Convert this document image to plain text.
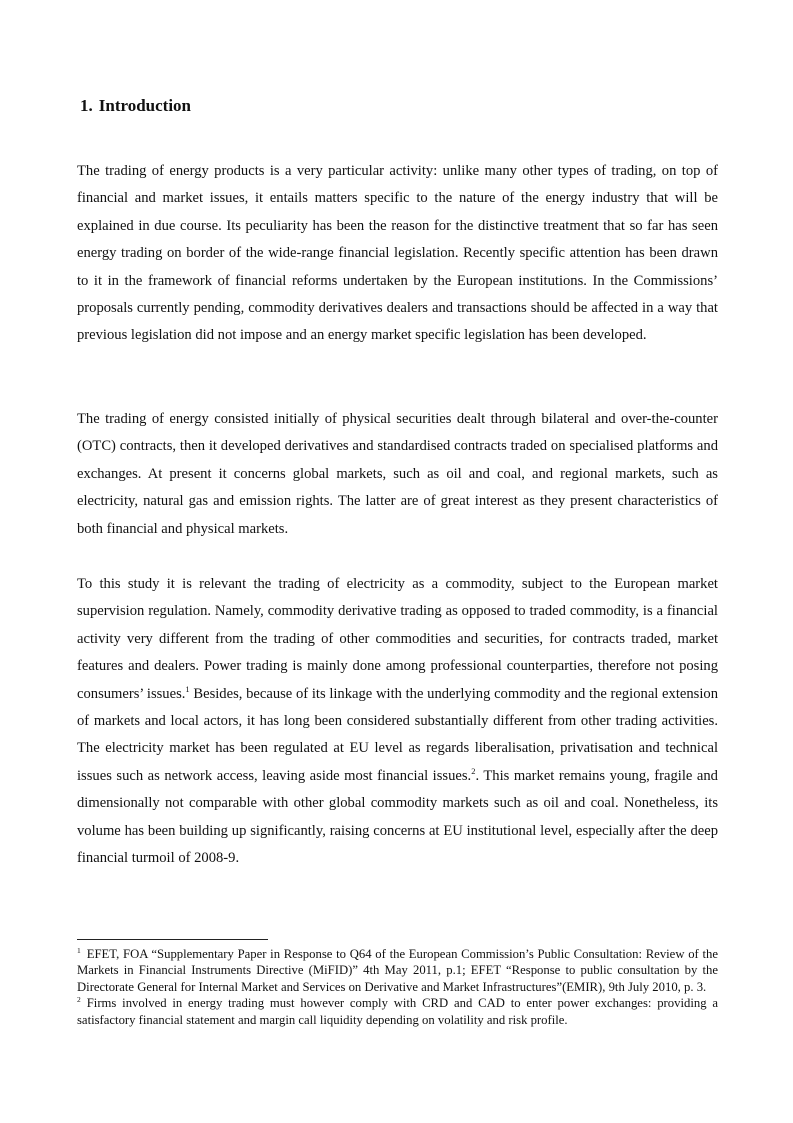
1. Introduction

The trading of energy products is a very particular activity: unlike many other types of trading, on top of financial and market issues, it entails matters specific to the nature of the energy industry that will be explained in due course. Its peculiarity has been the reason for the distinctive treatment that so far has seen energy trading on border of the wide-range financial legislation. Recently specific attention has been drawn to it in the framework of financial reforms undertaken by the European institutions. In the Commissions’ proposals currently pending, commodity derivatives dealers and transactions should be affected in a way that previous legislation did not impose and an energy market specific legislation has been developed.

The trading of energy consisted initially of physical securities dealt through bilateral and over-the-counter (OTC) contracts, then it developed derivatives and standardised contracts traded on specialised platforms and exchanges. At present it concerns global markets, such as oil and coal, and regional markets, such as electricity, natural gas and emission rights. The latter are of great interest as they present characteristics of both financial and physical markets.

To this study it is relevant the trading of electricity as a commodity, subject to the European market supervision regulation. Namely, commodity derivative trading as opposed to traded commodity, is a financial activity very different from the trading of other commodities and securities, for contracts traded, market features and dealers. Power trading is mainly done among professional counterparties, therefore not posing consumers’ issues.$^1$ Besides, because of its linkage with the underlying commodity and the regional extension of markets and local actors, it has long been considered substantially different from other trading activities. The electricity market has been regulated at EU level as regards liberalisation, privatisation and technical issues such as network access, leaving aside most financial issues.$^2$. This market remains young, fragile and dimensionally not comparable with other global commodity markets such as oil and coal. Nonetheless, its volume has been building up significantly, raising concerns at EU institutional level, especially after the deep financial turmoil of 2008-9.

$^1$ EFET, FOA “Supplementary Paper in Response to Q64 of the European Commission’s Public Consultation: Review of the Markets in Financial Instruments Directive (MiFID)” 4th May 2011, p.1; EFET “Response to public consultation by the Directorate General for Internal Market and Services on Derivative and Market Infrastructures”(EMIR), 9th July 2010, p. 3.

$^2$ Firms involved in energy trading must however comply with CRD and CAD to enter power exchanges: providing a satisfactory financial statement and margin call liquidity depending on volatility and risk profile.
